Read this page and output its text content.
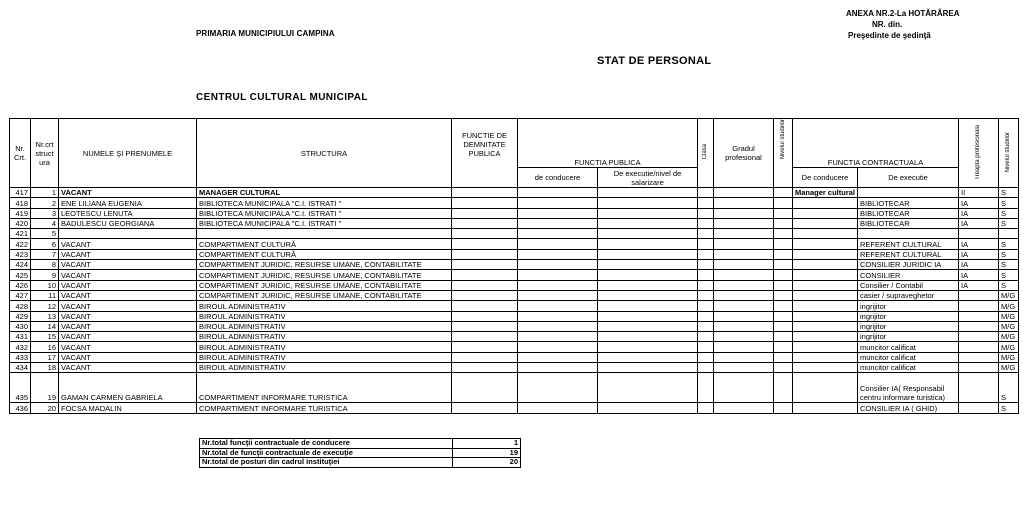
PRIMARIA MUNICIPIULUI CAMPINA
ANEXA NR.2-La HOTĂRÂREA
NR. din.
Preşedinte de şedinţă
STAT DE PERSONAL
CENTRUL CULTURAL MUNICIPAL
Nr. Crt.	Nr.crt struct ura	NUMELE ŞI PRENUMELE	STRUCTURA	FUNCTIE DE DEMNITATE PUBLICA	FUNCTIA PUBLICA		Clasa	Gradul profesional	Nivelul studiilor	FUNCTIA CONTRACTUALA		Treapta profesionala	Nivelul studiilor
					de conducere	De executie/nivel de salarizare				De conducere	De executie		
417	1	VACANT	MANAGER CULTURAL							Manager cultural		II	S
418	2	ENE LILIANA EUGENIA	BIBLIOTECA MUNICIPALA "C.I. ISTRATI "								BIBLIOTECAR	IA	S
419	3	LEOTESCU LENUTA	BIBLIOTECA MUNICIPALA "C.I. ISTRATI "								BIBLIOTECAR	IA	S
420	4	BADULESCU GEORGIANA	BIBLIOTECA MUNICIPALA "C.I. ISTRATI "								BIBLIOTECAR	IA	S
421	5												
422	6	VACANT	COMPARTIMENT CULTURĂ								REFERENT CULTURAL	IA	S
423	7	VACANT	COMPARTIMENT CULTURĂ								REFERENT CULTURAL	IA	S
424	8	VACANT	COMPARTIMENT JURIDIC, RESURSE UMANE, CONTABILITATE								CONSILIER JURIDIC IA	IA	S
425	9	VACANT	COMPARTIMENT JURIDIC, RESURSE UMANE, CONTABILITATE								CONSILIER	IA	S
426	10	VACANT	COMPARTIMENT JURIDIC, RESURSE UMANE, CONTABILITATE								Consilier / Contabil	IA	S
427	11	VACANT	COMPARTIMENT JURIDIC, RESURSE UMANE, CONTABILITATE								casier / supraveghetor		M/G
428	12	VACANT	BIROUL ADMINISTRATIV								ingrijitor		M/G
429	13	VACANT	BIROUL ADMINISTRATIV								ingrijitor		M/G
430	14	VACANT	BIROUL ADMINISTRATIV								ingrijitor		M/G
431	15	VACANT	BIROUL ADMINISTRATIV								ingrijitor		M/G
432	16	VACANT	BIROUL ADMINISTRATIV								muncitor calificat		M/G
433	17	VACANT	BIROUL ADMINISTRATIV								muncitor calificat		M/G
434	18	VACANT	BIROUL ADMINISTRATIV								muncitor calificat		M/G
435	19	GAMAN CARMEN GABRIELA	COMPARTIMENT INFORMARE TURISTICA								Consilier IA( Responsabil centru informare turistica)		S
436	20	FOCSA MADALIN	COMPARTIMENT INFORMARE TURISTICA								CONSILIER IA ( GHID)		S
Nr.total funcţii contractuale de conducere	1
Nr.total de funcţii contractuale de execuţie	19
Nr.total de posturi din cadrul instituţiei	20
